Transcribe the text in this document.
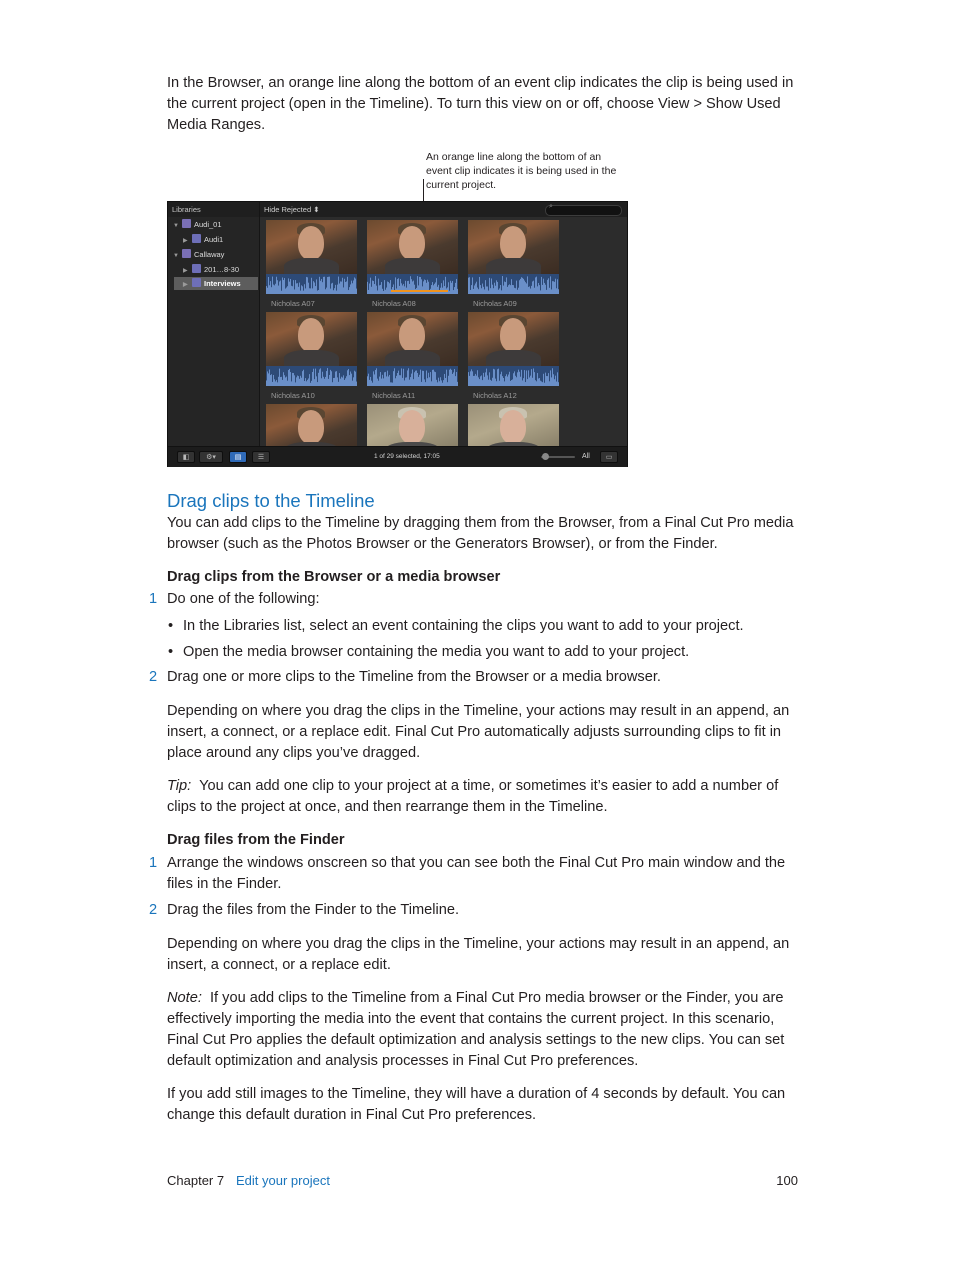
In the Browser, an orange line along the bottom of an event clip indicates the clip is being used in the current project (open in the Timeline). To turn this view on or off, choose View > Show Used Media Ranges.

An orange line along the bottom of an event clip indicates it is being used in the current project.
Libraries
▼ Audi_01
▶ Audi1
▼ Callaway
▶ 201…8-30
▶ Interviews
Hide Rejected ⬍	⌕
Nicholas A07	Nicholas A08	Nicholas A09
Nicholas A10	Nicholas A11	Nicholas A12
◧	⚙▾	▤	☰	1 of 29 selected, 17:05	All	▭
Drag clips to the Timeline

You can add clips to the Timeline by dragging them from the Browser, from a Final Cut Pro media browser (such as the Photos Browser or the Generators Browser), or from the Finder.

Drag clips from the Browser or a media browser
1 Do one of the following:

• In the Libraries list, select an event containing the clips you want to add to your project.
• Open the media browser containing the media you want to add to your project.
2 Drag one or more clips to the Timeline from the Browser or a media browser.

Depending on where you drag the clips in the Timeline, your actions may result in an append, an insert, a connect, or a replace edit. Final Cut Pro automatically adjusts surrounding clips to fit in place around any clips you’ve dragged.

Tip: You can add one clip to your project at a time, or sometimes it’s easier to add a number of clips to the project at once, and then rearrange them in the Timeline.

Drag files from the Finder
1 Arrange the windows onscreen so that you can see both the Final Cut Pro main window and the files in the Finder.

2 Drag the files from the Finder to the Timeline.

Depending on where you drag the clips in the Timeline, your actions may result in an append, an insert, a connect, or a replace edit.

Note: If you add clips to the Timeline from a Final Cut Pro media browser or the Finder, you are effectively importing the media into the event that contains the current project. In this scenario, Final Cut Pro applies the default optimization and analysis settings to the new clips. You can set default optimization and analysis processes in Final Cut Pro preferences.

If you add still images to the Timeline, they will have a duration of 4 seconds by default. You can change this default duration in Final Cut Pro preferences.

Chapter 7 Edit your project	100
